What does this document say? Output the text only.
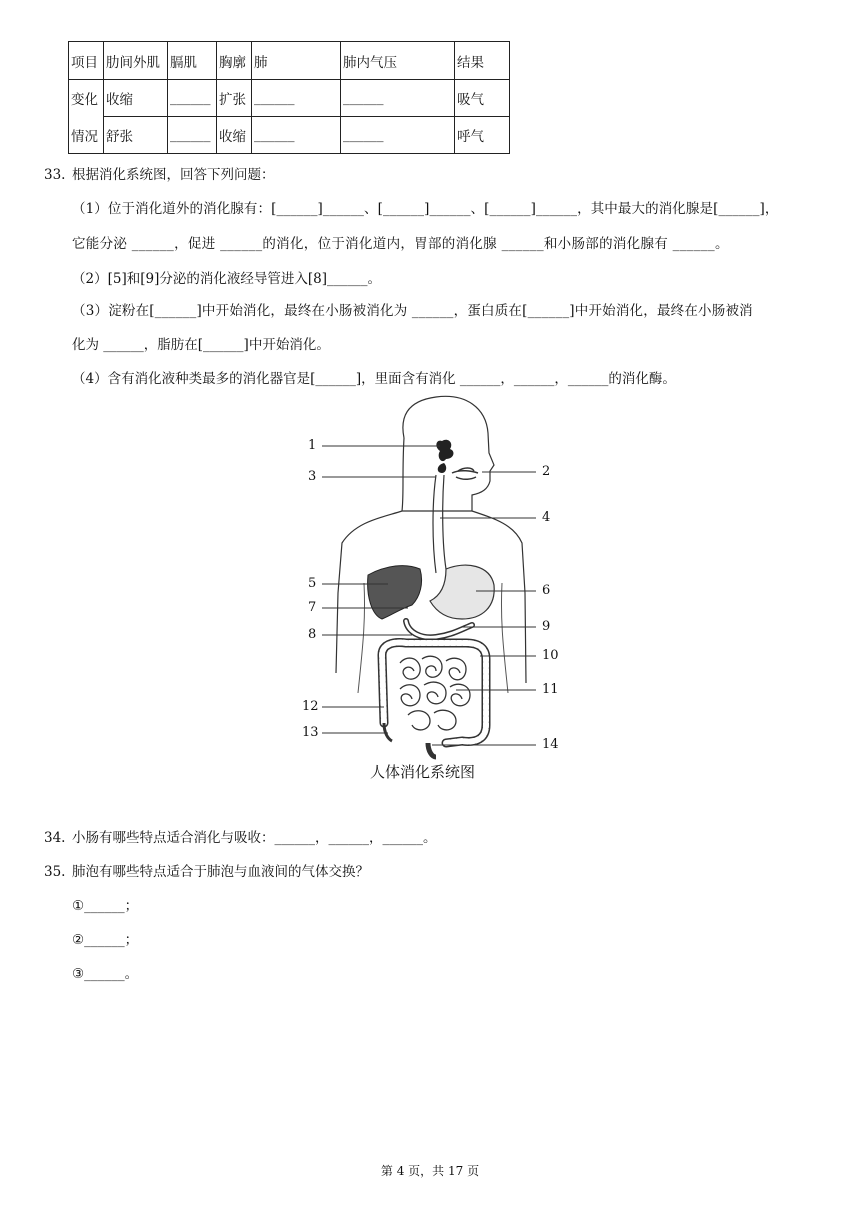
项目	肋间外肌	膈肌	胸廓	肺	肺内气压	结果
变化	收缩	______	扩张	______	______	吸气
情况	舒张	______	收缩	______	______	呼气
33. 根据消化系统图，回答下列问题：
（1）位于消化道外的消化腺有：[______]______、[______]______、[______]______，其中最大的消化腺是[______]，
它能分泌 ______，促进 ______的消化，位于消化道内，胃部的消化腺 ______和小肠部的消化腺有 ______。
（2）[5]和[9]分泌的消化液经导管进入[8]______。
（3）淀粉在[______]中开始消化，最终在小肠被消化为 ______，蛋白质在[______]中开始消化，最终在小肠被消
化为 ______，脂肪在[______]中开始消化。
（4）含有消化液种类最多的消化器官是[______]，里面含有消化 ______，______，______的消化酶。
1
2
3
4
5	6
7
8
9
10
11
12
13
14
人体消化系统图
34. 小肠有哪些特点适合消化与吸收：______，______，______。
35. 肺泡有哪些特点适合于肺泡与血液间的气体交换？
①______；
②______；
③______。
第 4 页，共 17 页
